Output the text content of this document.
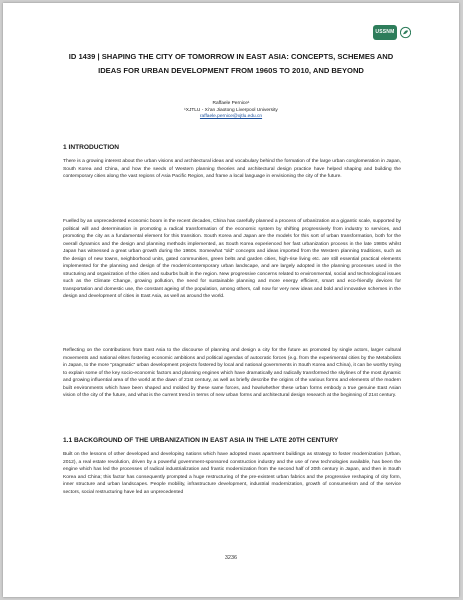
USSNM
ID 1439 | SHAPING THE CITY OF TOMORROW IN EAST ASIA: CONCEPTS, SCHEMES AND IDEAS FOR URBAN DEVELOPMENT FROM 1960S TO 2010, AND BEYOND
Raffaele Pernice¹
¹XJTLU - Xi'an Jiaotong Liverpool University
raffaele.pernice@xjtlu.edu.cn
1 INTRODUCTION

There is a growing interest about the urban visions and architectural ideas and vocabulary behind the formation of the large urban conglomeration in Japan, South Korea and China, and how the seeds of Western planning theories and architectural design practice have helped shaping and building the contemporary cities along the vast regions of Asia Pacific Region, and frame a local language in envisioning the city of the future.

Fuelled by an unprecedented economic boom in the recent decades, China has carefully planned a process of urbanization at a gigantic scale, supported by political will and determination in promoting a radical transformation of the economic system by shifting progressively from industry to services, and promoting the city as a fundamental element for this transition. South Korea and Japan are the models for this sort of urban transformation, both for the overall dynamics and the design and planning methods implemented, as South Korea experienced her fast urbanization process in the late 1980s whilst Japan has witnessed a great urban growth during the 1960s. Somewhat "old" concepts and ideas imported from the Western planning traditions, such as the design of new towns, neighborhood units, gated communities, green belts and garden cities, high-rise living etc. are still essential practical elements implemented for the planning and design of the modern/contemporary urban landscape, and are largely adopted in the planning processes used in the structuring and organization of the cities and suburbs built in the region. New progressive concerns related to environmental, social and technological issues such as the Climate Change, growing pollution, the need for sustainable planning and more energy efficient, smart and eco-friendly devices for transportation and domestic use, the constant ageing of the population, among others, call now for very new ideas and bold and innovative schemes in the design and development of cities in East Asia, as well as around the world.

Reflecting on the contributions from East Asia to the discourse of planning and design a city for the future as promoted by single actors, larger cultural movements and national elites fostering economic ambitions and political agendas of autocratic forces (e.g. from the experimental cities by the Metabolists in Japan, to the more "pragmatic" urban development projects fostered by local and national governments in South Korea and China), it can be worthy trying to explain some of the key socio-economic factors and planning engines which have dramatically and radically transformed the skylines of the most dynamic and growing influential area of the world at the dawn of 21st century, as well as briefly describe the origins of the various forms and elements of the modern built environments which have been shaped and molded by these same forces, and how/whether these urban forms embody a true genuine East Asian vision of the city of the future, and what is the current trend in terms of new urban forms and architectural design research at the beginning of 21st century.

1.1 BACKGROUND OF THE URBANIZATION IN EAST ASIA IN THE LATE 20TH CENTURY

Built on the lessons of other developed and developing nations which have adopted mass apartment buildings as strategy to foster modernization (Urban, 2012), a real estate revolution, driven by a powerful government-sponsored construction industry and the use of new technologies available, has been the engine which has led the processes of radical industrialization and frantic modernization from the second half of 20th century in Japan, and then in South Korea and China; this factor has consequently prompted a huge restructuring of the pre-existent urban fabrics and the progressive reshaping of city form, inner structure and urban landscapes. People mobility, infrastructure development, industrial modernization, growth of consumerism and of the service sectors, social restructuring have led an unprecedented

3236
